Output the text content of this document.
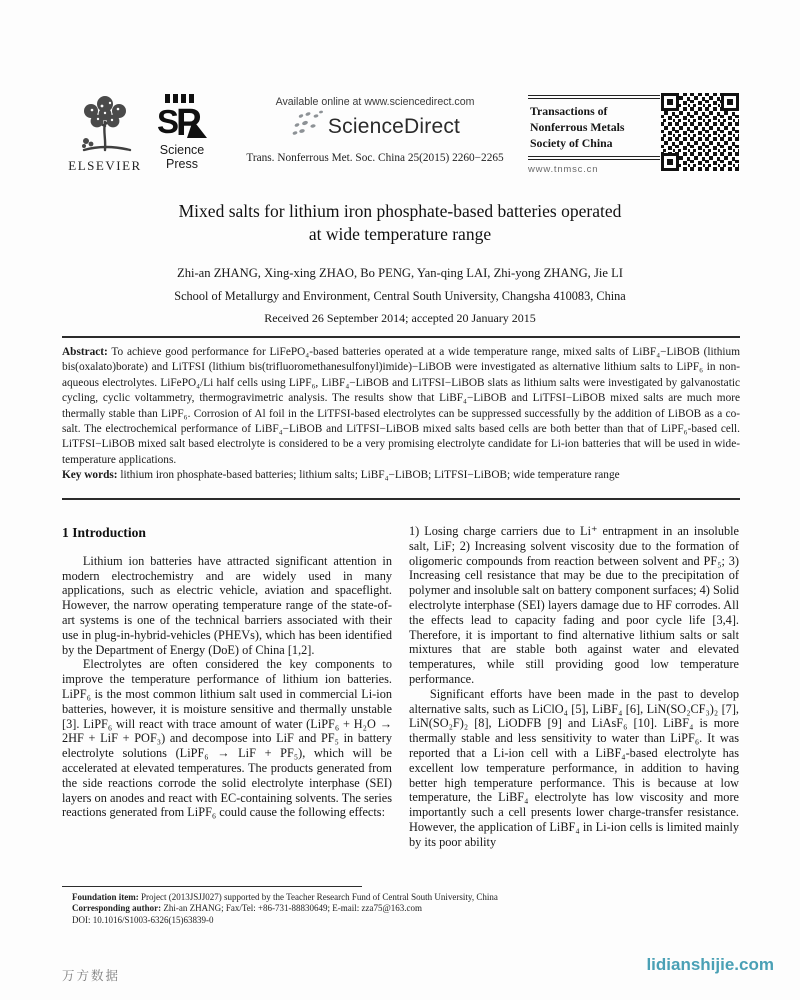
ELSEVIER
S
P
Science
Press
Available online at www.sciencedirect.com
ScienceDirect
Trans. Nonferrous Met. Soc. China 25(2015) 2260−2265
Transactions of
Nonferrous Metals
Society of China
www.tnmsc.cn
Mixed salts for lithium iron phosphate-based batteries operated
at wide temperature range
Zhi-an ZHANG, Xing-xing ZHAO, Bo PENG, Yan-qing LAI, Zhi-yong ZHANG, Jie LI
School of Metallurgy and Environment, Central South University, Changsha 410083, China
Received 26 September 2014; accepted 20 January 2015

Abstract: To achieve good performance for LiFePO₄-based batteries operated at a wide temperature range, mixed salts of LiBF₄−LiBOB (lithium bis(oxalato)borate) and LiTFSI (lithium bis(trifluoromethanesulfonyl)imide)−LiBOB were investigated as alternative lithium salts to LiPF₆ in non-aqueous electrolytes. LiFePO₄/Li half cells using LiPF₆, LiBF₄−LiBOB and LiTFSI−LiBOB slats as lithium salts were investigated by galvanostatic cycling, cyclic voltammetry, thermogravimetric analysis. The results show that LiBF₄−LiBOB and LiTFSI−LiBOB mixed salts are much more thermally stable than LiPF₆. Corrosion of Al foil in the LiTFSI-based electrolytes can be suppressed successfully by the addition of LiBOB as a co-salt. The electrochemical performance of LiBF₄−LiBOB and LiTFSI−LiBOB mixed salts based cells are both better than that of LiPF₆-based cell. LiTFSI−LiBOB mixed salt based electrolyte is considered to be a very promising electrolyte candidate for Li-ion batteries that will be used in wide-temperature applications.

Key words: lithium iron phosphate-based batteries; lithium salts; LiBF₄−LiBOB; LiTFSI−LiBOB; wide temperature range

1 Introduction

Lithium ion batteries have attracted significant attention in modern electrochemistry and are widely used in many applications, such as electric vehicle, aviation and spaceflight. However, the narrow operating temperature range of the state-of-art systems is one of the technical barriers associated with their use in plug-in-hybrid-vehicles (PHEVs), which has been identified by the Department of Energy (DoE) of China [1,2].

Electrolytes are often considered the key components to improve the temperature performance of lithium ion batteries. LiPF₆ is the most common lithium salt used in commercial Li-ion batteries, however, it is moisture sensitive and thermally unstable [3]. LiPF₆ will react with trace amount of water (LiPF₆ + H₂O → 2HF + LiF + POF₃) and decompose into LiF and PF₅ in battery electrolyte solutions (LiPF₆ → LiF + PF₅), which will be accelerated at elevated temperatures. The products generated from the side reactions corrode the solid electrolyte interphase (SEI) layers on anodes and react with EC-containing solvents. The series reactions generated from LiPF₆ could cause the following effects:

1) Losing charge carriers due to Li⁺ entrapment in an insoluble salt, LiF; 2) Increasing solvent viscosity due to the formation of oligomeric compounds from reaction between solvent and PF₅; 3) Increasing cell resistance that may be due to the precipitation of polymer and insoluble salt on battery component surfaces; 4) Solid electrolyte interphase (SEI) layers damage due to HF corrodes. All the effects lead to capacity fading and poor cycle life [3,4]. Therefore, it is important to find alternative lithium salts or salt mixtures that are stable both against water and elevated temperatures, while still providing good low temperature performance.

Significant efforts have been made in the past to develop alternative salts, such as LiClO₄ [5], LiBF₄ [6], LiN(SO₂CF₃)₂ [7], LiN(SO₂F)₂ [8], LiODFB [9] and LiAsF₆ [10]. LiBF₄ is more thermally stable and less sensitivity to water than LiPF₆. It was reported that a Li-ion cell with a LiBF₄-based electrolyte has excellent low temperature performance, in addition to having better high temperature performance. This is because at low temperature, the LiBF₄ electrolyte has low viscosity and more importantly such a cell presents lower charge-transfer resistance. However, the application of LiBF₄ in Li-ion cells is limited mainly by its poor ability

Foundation item: Project (2013JSJJ027) supported by the Teacher Research Fund of Central South University, China

Corresponding author: Zhi-an ZHANG; Fax/Tel: +86-731-88830649; E-mail: zza75@163.com

DOI: 10.1016/S1003-6326(15)63839-0

万方数据
lidianshijie.com
